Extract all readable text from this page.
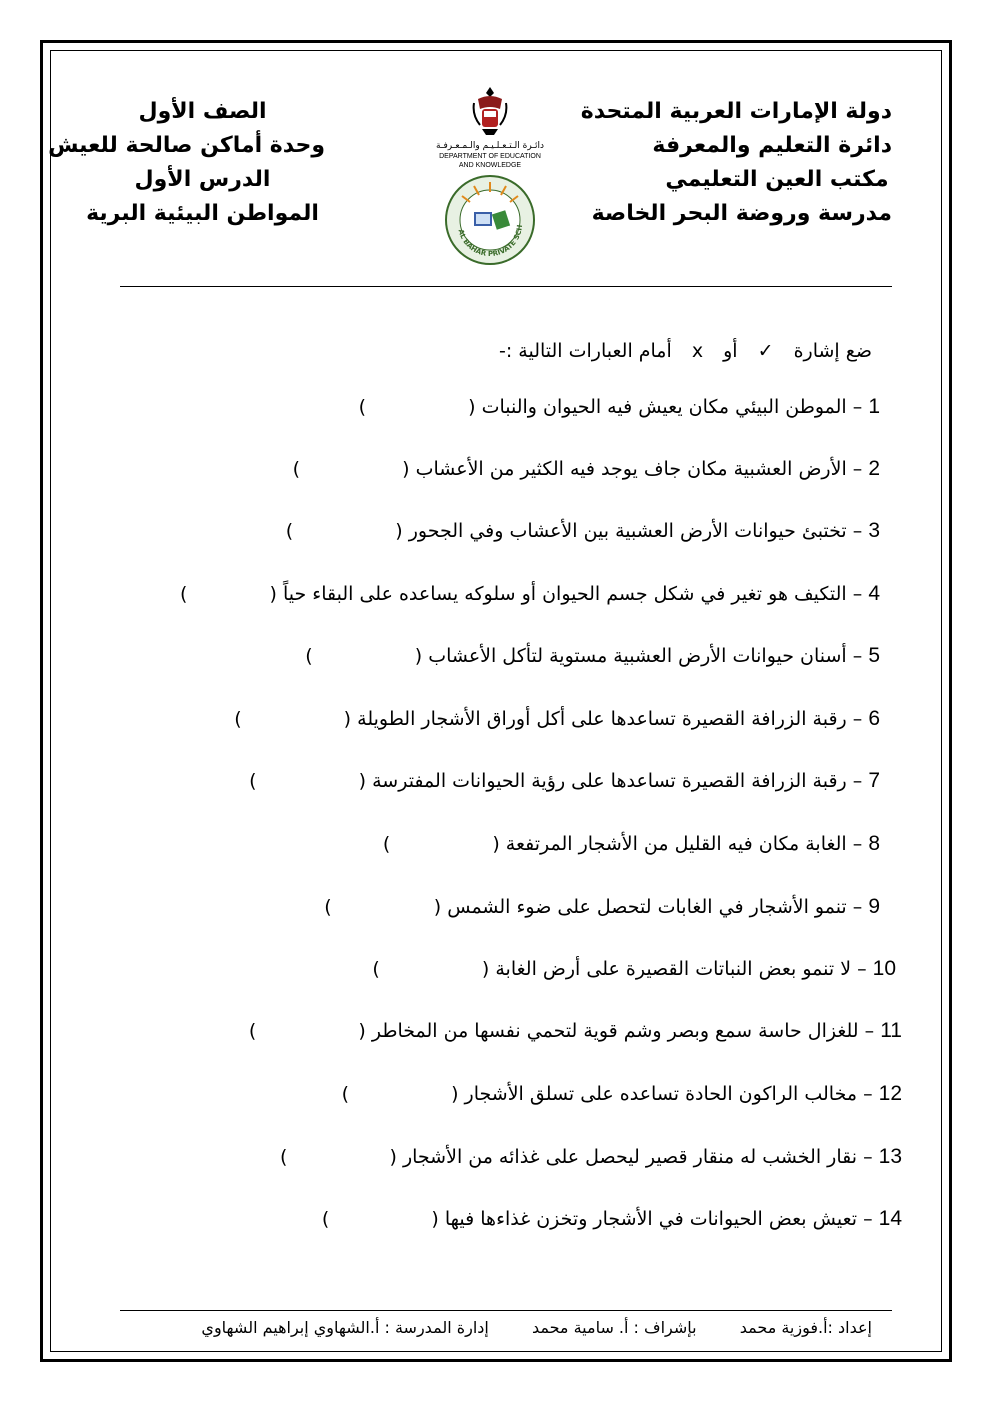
دولة الإمارات العربية المتحدة
دائرة التعليم والمعرفة
مكتب العين التعليمي
مدرسة وروضة البحر الخاصة
الصف الأول
وحدة أماكن صالحة للعيش
الدرس الأول
المواطن البيئية البرية
دائـرة الـتـعـلـيـم والـمـعـرفـة
DEPARTMENT OF EDUCATION
AND KNOWLEDGE
AL BAHAR PRIVATE SCH
ضع إشارة ✓ أو x أمام العبارات التالية :-
1 – الموطن البيئي مكان يعيش فيه الحيوان والنبات (  )
2 – الأرض العشبية مكان جاف يوجد فيه الكثير من الأعشاب (  )
3 – تختبئ حيوانات الأرض العشبية بين الأعشاب وفي الجحور (  )
4 – التكيف هو تغير في شكل جسم الحيوان أو سلوكه يساعده على البقاء حياً (  )
5 – أسنان حيوانات الأرض العشبية مستوية لتأكل الأعشاب (  )
6 – رقبة الزرافة القصيرة تساعدها على أكل أوراق الأشجار الطويلة (  )
7 – رقبة الزرافة القصيرة تساعدها على رؤية الحيوانات المفترسة (  )
8 – الغابة مكان فيه القليل من الأشجار المرتفعة (  )
9 – تنمو الأشجار في الغابات لتحصل على ضوء الشمس (  )
10 – لا تنمو بعض النباتات القصيرة على أرض الغابة (  )
11 – للغزال حاسة سمع وبصر وشم قوية لتحمي نفسها من المخاطر (  )
12 – مخالب الراكون الحادة تساعده على تسلق الأشجار (  )
13 – نقار الخشب له منقار قصير ليحصل على غذائه من الأشجار (  )
14 – تعيش بعض الحيوانات في الأشجار وتخزن غذاءها فيها (  )
إعداد :أ.فوزية محمد بإشراف : أ. سامية محمد إدارة المدرسة : أ.الشهاوي إبراهيم الشهاوي
